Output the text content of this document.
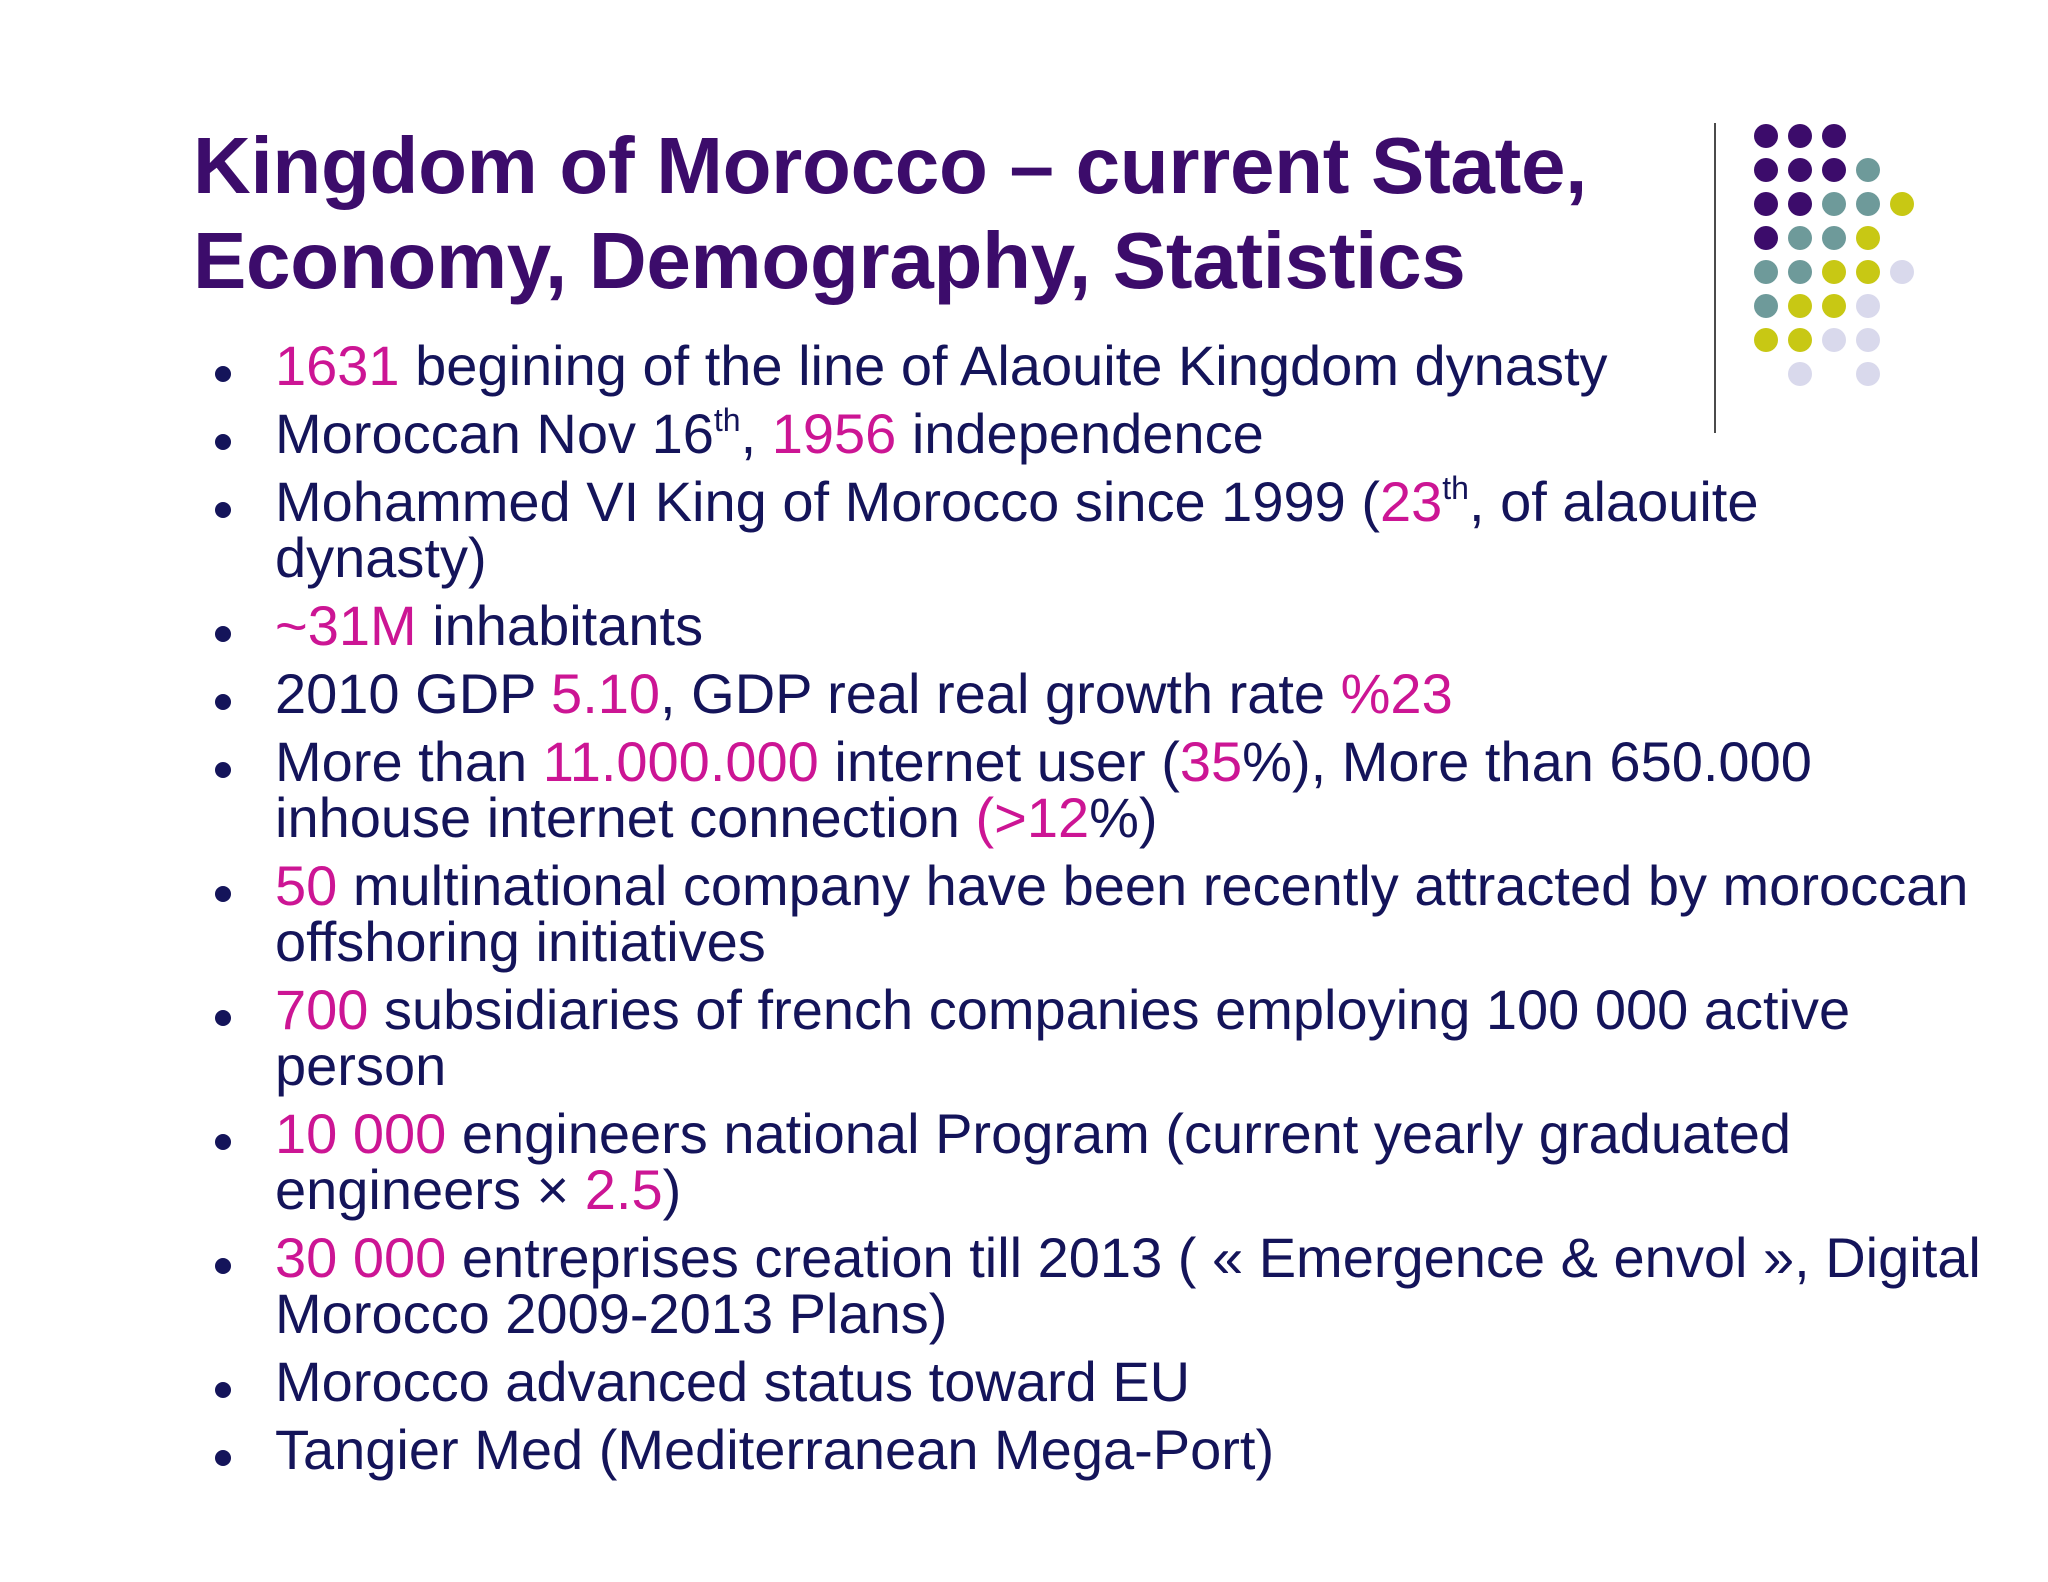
Kingdom of Morocco – current State,
Economy, Demography, Statistics
1631 begining of the line of Alaouite Kingdom dynasty
Moroccan Nov 16th, 1956 independence
Mohammed VI King of Morocco since 1999 (23th, of alaouite dynasty)
~31M inhabitants
2010 GDP 5.10, GDP real real growth rate %23
More than 11.000.000 internet user (35%), More than 650.000 inhouse internet connection (>12%)
50 multinational company have been recently attracted by moroccan offshoring initiatives
700 subsidiaries of french companies employing 100 000 active person
10 000 engineers national Program (current yearly graduated engineers × 2.5)
30 000 entreprises creation till 2013 ( « Emergence & envol », Digital Morocco 2009-2013 Plans)
Morocco advanced status toward EU
Tangier Med (Mediterranean Mega-Port)
